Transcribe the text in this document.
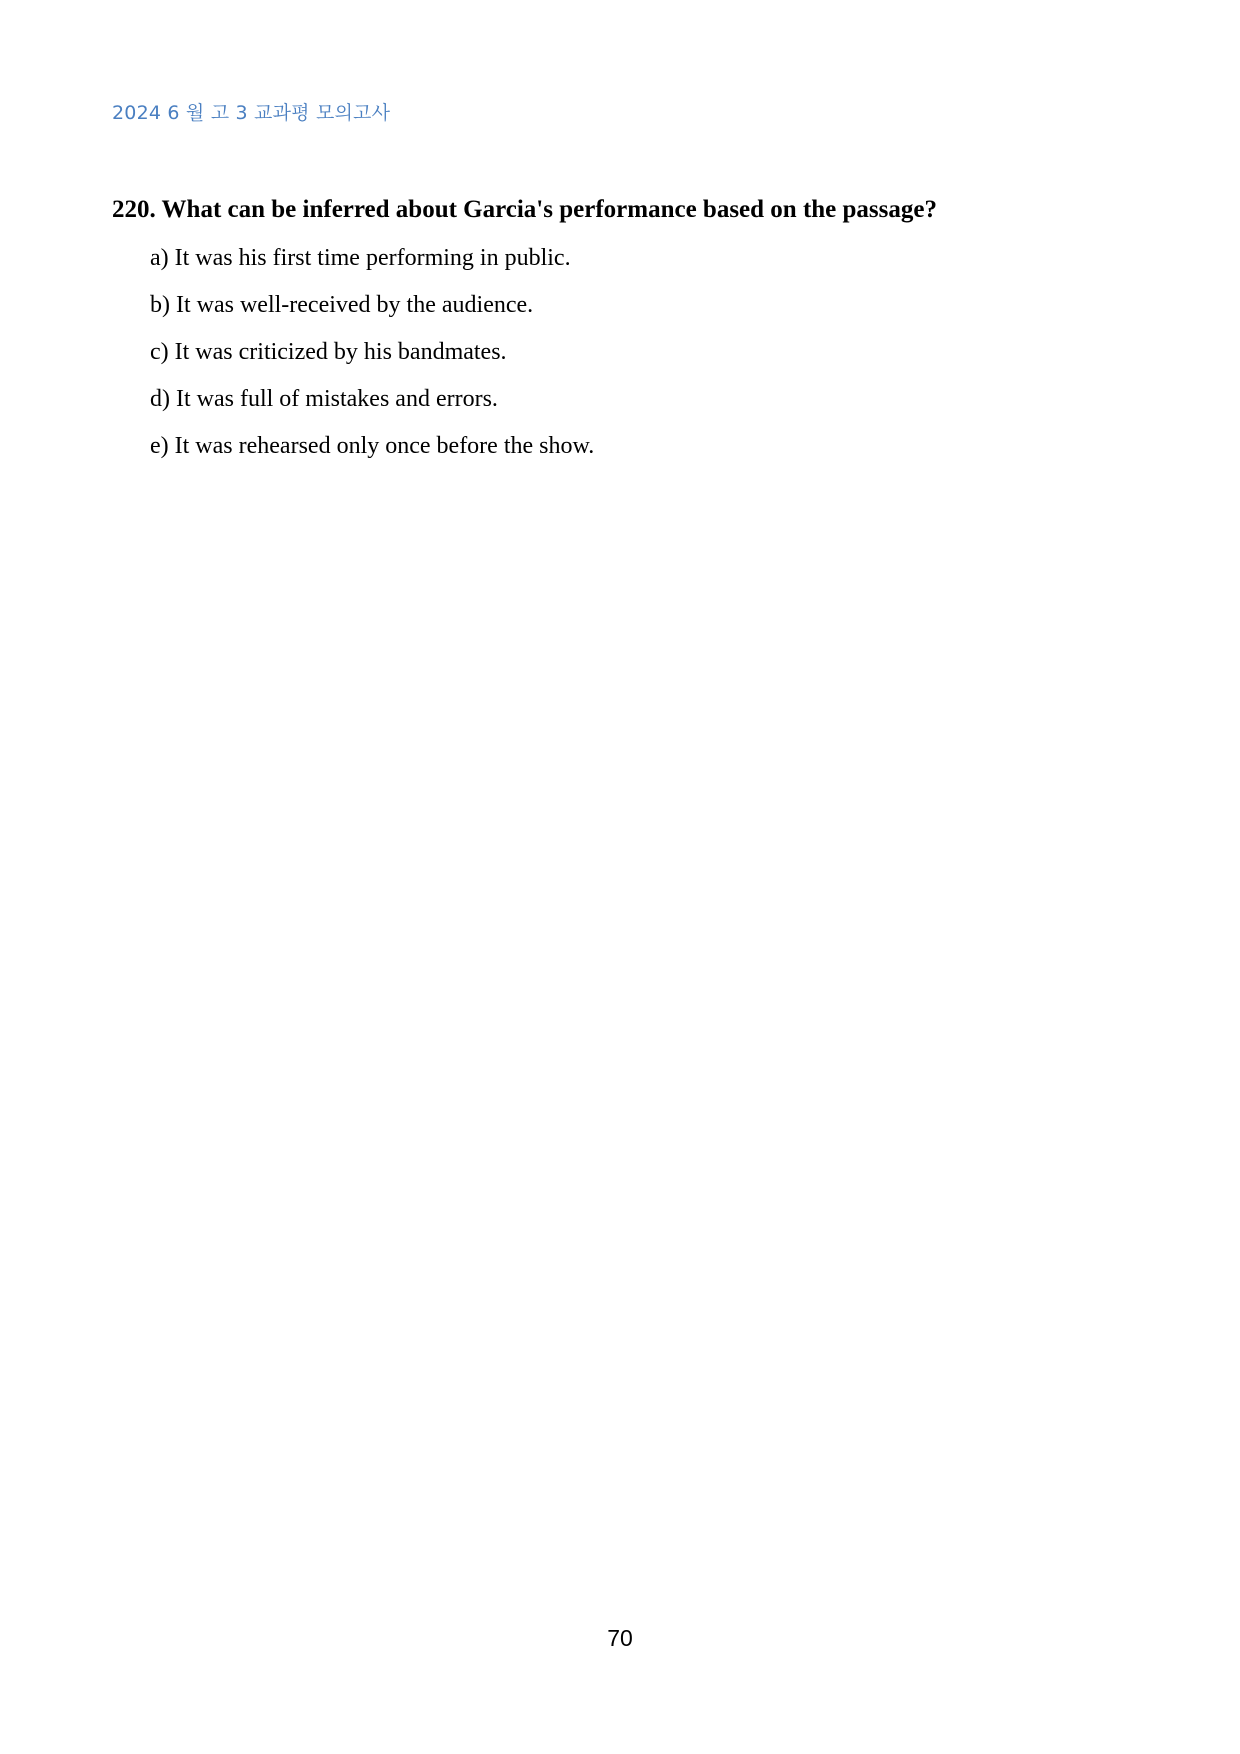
2024 6 월 고 3 교과평 모의고사
220. What can be inferred about Garcia's performance based on the passage?
a) It was his first time performing in public.
b) It was well-received by the audience.
c) It was criticized by his bandmates.
d) It was full of mistakes and errors.
e) It was rehearsed only once before the show.
70
